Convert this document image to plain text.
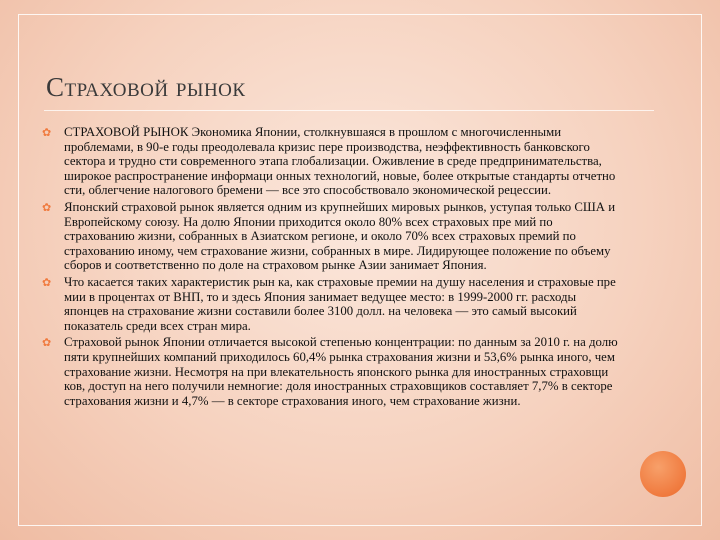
Страховой рынок
✿ СТРАХОВОЙ РЫНОК Экономика Японии, столкнувшаяся в прошлом с многочисленными проблемами, в 90-е годы преодолевала кризис пере производства, неэффективность банковского сектора и трудно сти современного этапа глобализации. Оживление в среде предпринимательства, широкое распространение информаци онных технологий, новые, более открытые стандарты отчетно сти, облегчение налогового бремени — все это способствовало экономической рецессии.
✿ Японский страховой рынок является одним из крупнейших мировых рынков, уступая только США и Европейскому союзу. На долю Японии приходится около 80% всех страховых пре мий по страхованию жизни, собранных в Азиатском регионе, и около 70% всех страховых премий по страхованию иному, чем страхование жизни, собранных в мире. Лидирующее положение по объему сборов и соответственно по доле на страховом рынке Азии занимает Япония.
✿ Что касается таких характеристик рын ка, как страховые премии на душу населения и страховые пре мии в процентах от ВНП, то и здесь Япония занимает ведущее место: в 1999-2000 гг. расходы японцев на страхование жизни составили более 3100 долл. на человека — это самый высокий показатель среди всех стран мира.
✿ Страховой рынок Японии отличается высокой степенью концентрации: по данным за 2010 г. на долю пяти крупнейших компаний приходилось 60,4% рынка страхования жизни и 53,6% рынка иного, чем страхование жизни. Несмотря на при влекательность японского рынка для иностранных страховщи ков, доступ на него получили немногие: доля иностранных страховщиков составляет 7,7% в секторе страхования жизни и 4,7% — в секторе страхования иного, чем страхование жизни.
